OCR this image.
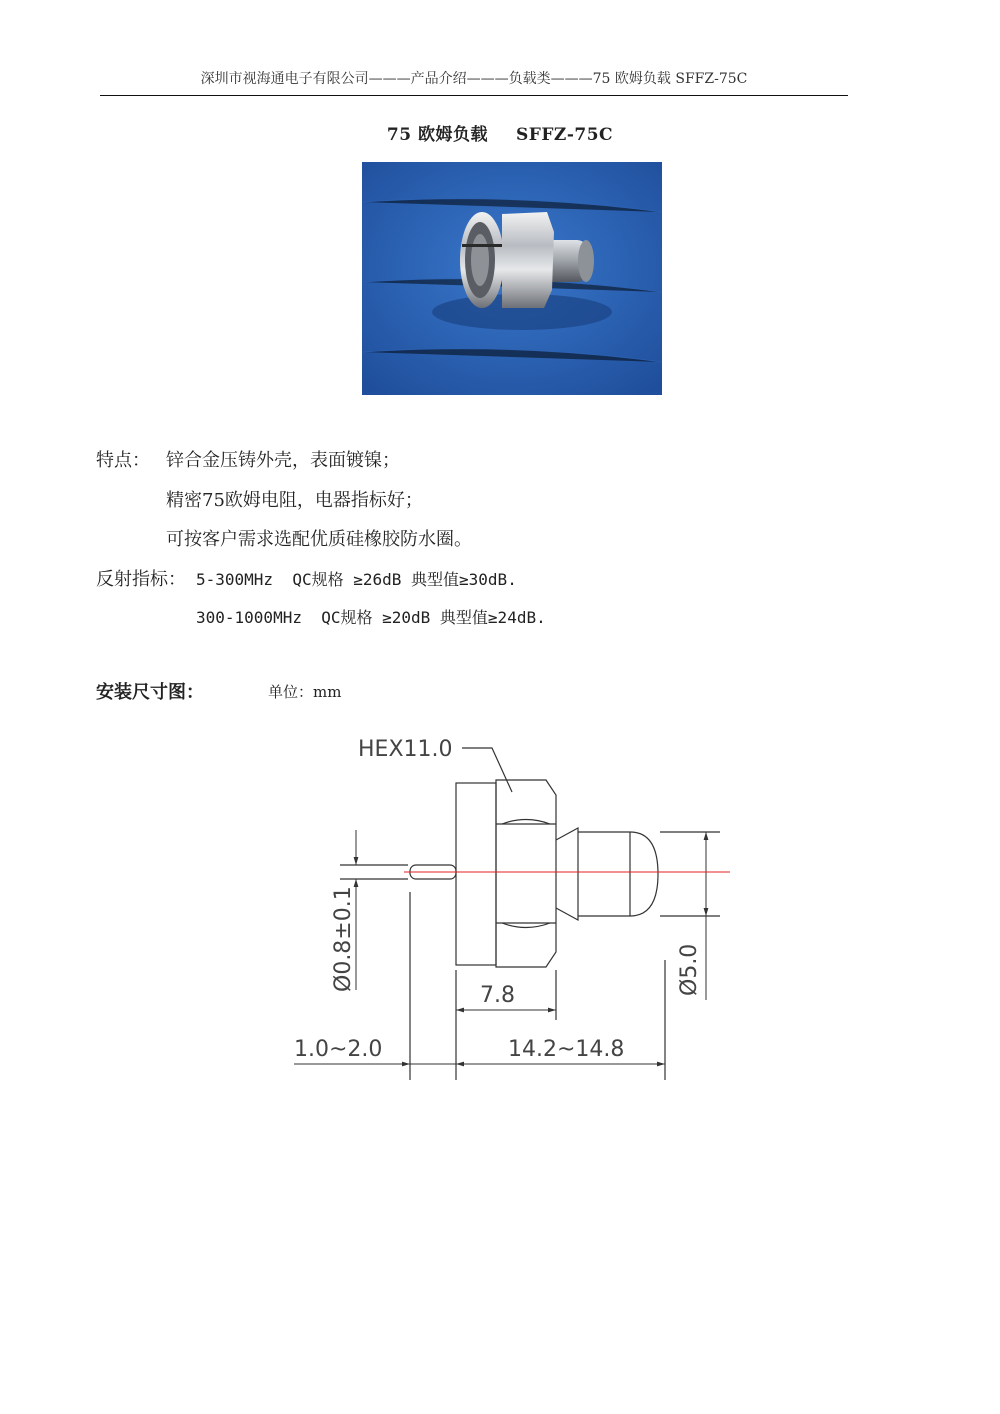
深圳市视海通电子有限公司———产品介绍———负载类———75 欧姆负载 SFFZ-75C
75 欧姆负载 SFFZ-75C
特点： 锌合金压铸外壳，表面镀镍；
精密75欧姆电阻，电器指标好；
可按客户需求选配优质硅橡胶防水圈。
反射指标： 5-300MHz  QC规格 ≥26dB 典型值≥30dB.
300-1000MHz  QC规格 ≥20dB 典型值≥24dB.
安装尺寸图：	单位：mm
HEX11.0
7.8
1.0~2.0	14.2~14.8
Ø0.8±0.1	Ø5.0
